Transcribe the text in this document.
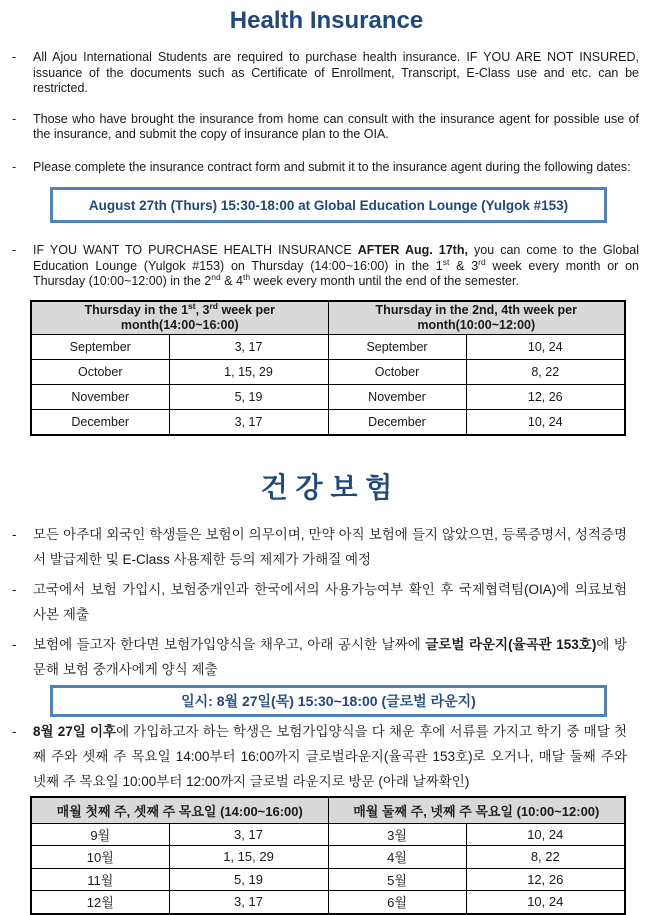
Health Insurance
-	All Ajou International Students are required to purchase health insurance. IF YOU ARE NOT INSURED, issuance of the documents such as Certificate of Enrollment, Transcript, E-Class use and etc. can be restricted.

-	Those who have brought the insurance from home can consult with the insurance agent for possible use of the insurance, and submit the copy of insurance plan to the OIA.

-	Please complete the insurance contract form and submit it to the insurance agent during the following dates:

August 27th (Thurs) 15:30-18:00 at Global Education Lounge (Yulgok #153)
-	IF YOU WANT TO PURCHASE HEALTH INSURANCE AFTER Aug. 17th, you can come to the Global Education Lounge (Yulgok #153) on Thursday (14:00~16:00) in the 1st & 3rd week every month or on Thursday (10:00~12:00) in the 2nd & 4th week every month until the end of the semester.

Thursday in the 1st, 3rd week per month(14:00~16:00)		Thursday in the 2nd, 4th week per month(10:00~12:00)	
September	3, 17	September	10, 24
October	1, 15, 29	October	8, 22
November	5, 19	November	12, 26
December	3, 17	December	10, 24
건 강 보 험
-	모든 아주대 외국인 학생들은 보험이 의무이며, 만약 아직 보험에 들지 않았으면, 등록증명서, 성적증명서 발급제한 및 E-Class 사용제한 등의 제제가 가해질 예정

-	고국에서 보험 가입시, 보험중개인과 한국에서의 사용가능여부 확인 후 국제협력팀(OIA)에 의료보험 사본 제출

-	보험에 들고자 한다면 보험가입양식을 채우고, 아래 공시한 날짜에 글로벌 라운지(율곡관 153호)에 방문해 보험 중개사에게 양식 제출

일시: 8월 27일(목) 15:30~18:00 (글로벌 라운지)
-	8월 27일 이후에 가입하고자 하는 학생은 보험가입양식을 다 채운 후에 서류를 가지고 학기 중 매달 첫째 주와 셋째 주 목요일 14:00부터 16:00까지 글로벌라운지(율곡관 153호)로 오거나, 매달 둘째 주와 넷째 주 목요일 10:00부터 12:00까지 글로벌 라운지로 방문 (아래 날짜확인)

매월 첫째 주, 셋째 주 목요일 (14:00~16:00)		매월 둘째 주, 넷째 주 목요일 (10:00~12:00)	
9월	3, 17	3월	10, 24
10월	1, 15, 29	4월	8, 22
11월	5, 19	5월	12, 26
12월	3, 17	6월	10, 24
